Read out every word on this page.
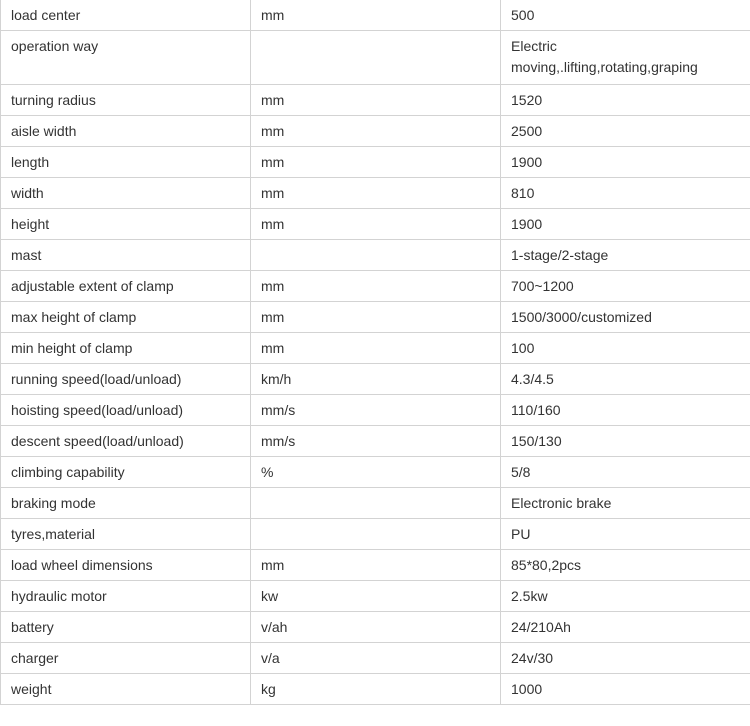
load center	mm	500
operation way		Electric
moving,.lifting,rotating,graping

turning radius	mm	1520
aisle width	mm	2500
length	mm	1900
width	mm	810
height	mm	1900
mast		1-stage/2-stage
adjustable extent of clamp	mm	700~1200
max height of clamp	mm	1500/3000/customized
min height of clamp	mm	100
running speed(load/unload)	km/h	4.3/4.5
hoisting speed(load/unload)	mm/s	110/160
descent speed(load/unload)	mm/s	150/130
climbing capability	%	5/8
braking mode		Electronic brake
tyres,material		PU
load wheel dimensions	mm	85*80,2pcs
hydraulic motor	kw	2.5kw
battery	v/ah	24/210Ah
charger	v/a	24v/30
weight	kg	1000
